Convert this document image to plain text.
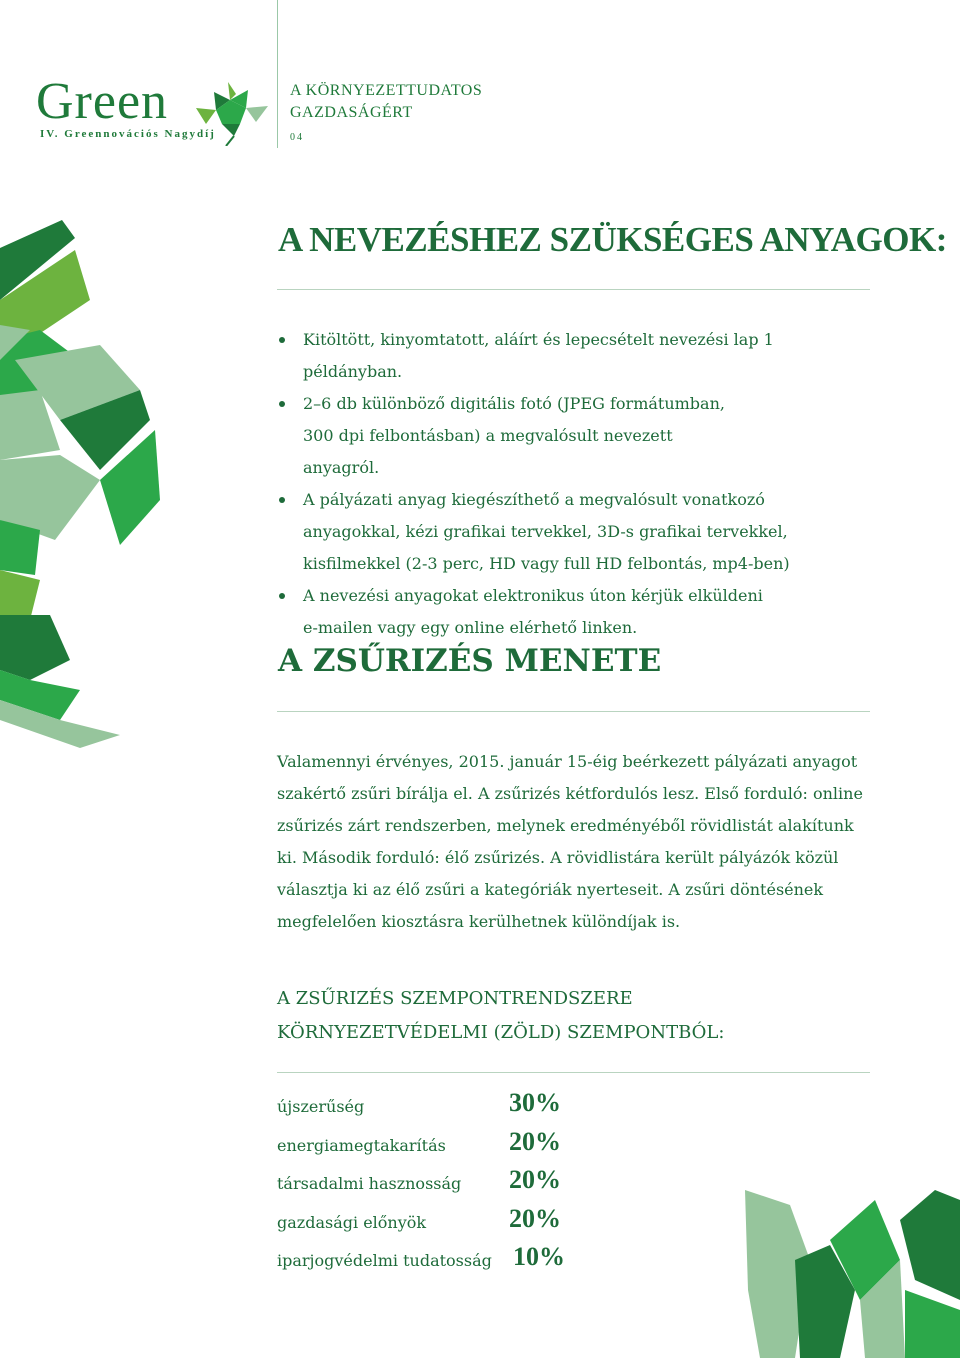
Green
IV. Greennovációs Nagydíj
A KÖRNYEZETTUDATOS
GAZDASÁGÉRT
04
A NEVEZÉSHEZ SZÜKSÉGES ANYAGOK:
Kitöltött, kinyomtatott, aláírt és lepecsételt nevezési lap 1 példányban.
2–6 db különböző digitális fotó (JPEG formátumban, 300 dpi felbontásban) a megvalósult nevezett anyagról.
A pályázati anyag kiegészíthető a megvalósult vonatkozó anyagokkal, kézi grafikai tervekkel, 3D-s grafikai tervekkel, kisfilmekkel (2-3 perc, HD vagy full HD felbontás, mp4-ben)
A nevezési anyagokat elektronikus úton kérjük elküldeni e-mailen vagy egy online elérhető linken.
A ZSŰRIZÉS MENETE

Valamennyi érvényes, 2015. január 15-éig beérkezett pályázati anyagot szakértő zsűri bírálja el. A zsűrizés kétfordulós lesz. Első forduló: online zsűrizés zárt rendszerben, melynek eredményéből rövidlistát alakítunk ki. Második forduló: élő zsűrizés. A rövidlistára került pályázók közül választja ki az élő zsűri a kategóriák nyerteseit. A zsűri döntésének megfelelően kiosztásra kerülhetnek különdíjak is.

A ZSŰRIZÉS SZEMPONTRENDSZERE
KÖRNYEZETVÉDELMI (ZÖLD) SZEMPONTBÓL:
újszerűség	30%
energiamegtakarítás 20%
társadalmi hasznosság 20%
gazdasági előnyök	20%
iparjogvédelmi tudatosság 10%
